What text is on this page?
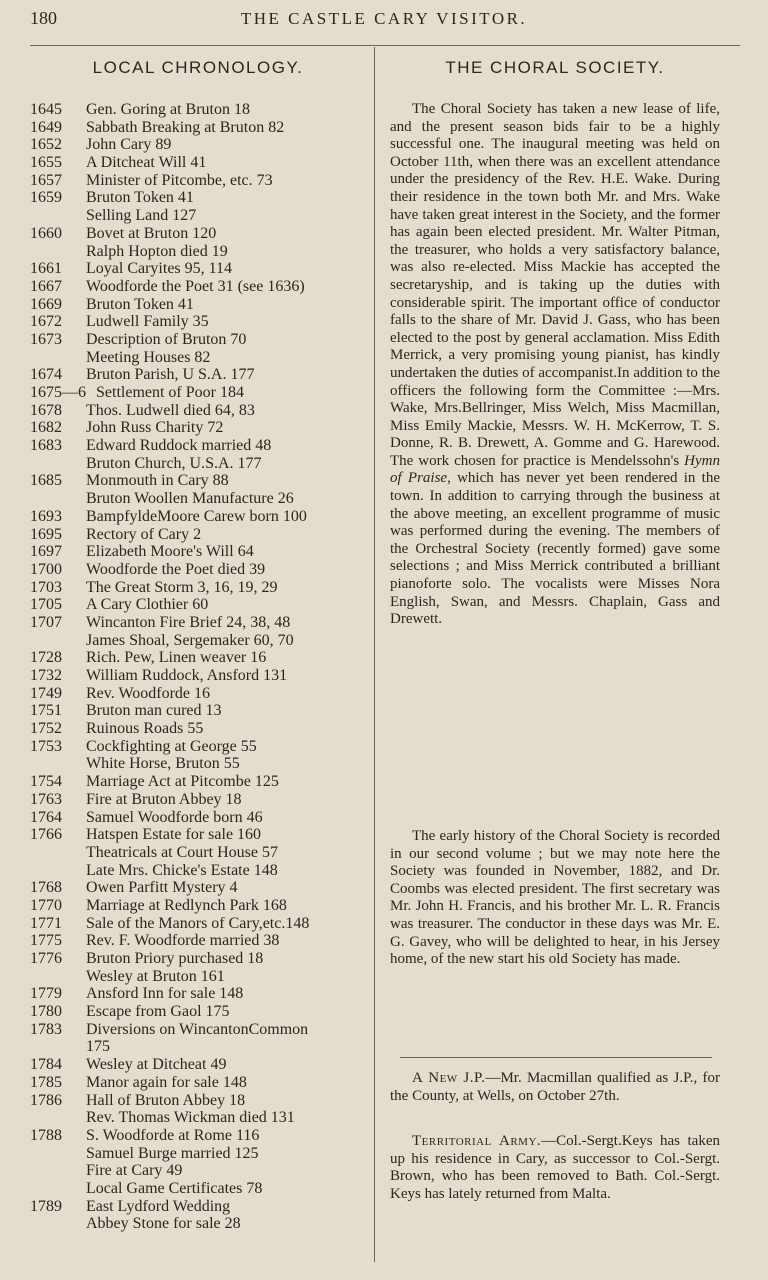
180	THE CASTLE CARY VISITOR.
LOCAL CHRONOLOGY.
1645 Gen. Goring at Bruton 18
1649 Sabbath Breaking at Bruton 82
1652 John Cary 89
1655 A Ditcheat Will 41
1657 Minister of Pitcombe, etc. 73
1659 Bruton Token 41
Selling Land 127
1660 Bovet at Bruton 120
Ralph Hopton died 19
1661 Loyal Caryites 95, 114
1667 Woodforde the Poet 31 (see 1636)
1669 Bruton Token 41
1672 Ludwell Family 35
1673 Description of Bruton 70
Meeting Houses 82
1674 Bruton Parish, U S.A. 177
1675—6 Settlement of Poor 184
1678 Thos. Ludwell died 64, 83
1682 John Russ Charity 72
1683 Edward Ruddock married 48
Bruton Church, U.S.A. 177
1685 Monmouth in Cary 88
Bruton Woollen Manufacture 26
1693 BampfyldeMoore Carew born 100
1695 Rectory of Cary 2
1697 Elizabeth Moore's Will 64
1700 Woodforde the Poet died 39
1703 The Great Storm 3, 16, 19, 29
1705 A Cary Clothier 60
1707 Wincanton Fire Brief 24, 38, 48
James Shoal, Sergemaker 60, 70
1728 Rich. Pew, Linen weaver 16
1732 William Ruddock, Ansford 131
1749 Rev. Woodforde 16
1751 Bruton man cured 13
1752 Ruinous Roads 55
1753 Cockfighting at George 55
White Horse, Bruton 55
1754 Marriage Act at Pitcombe 125
1763 Fire at Bruton Abbey 18
1764 Samuel Woodforde born 46
1766 Hatspen Estate for sale 160
Theatricals at Court House 57
Late Mrs. Chicke's Estate 148
1768 Owen Parfitt Mystery 4
1770 Marriage at Redlynch Park 168
1771 Sale of the Manors of Cary,etc.148
1775 Rev. F. Woodforde married 38
1776 Bruton Priory purchased 18
Wesley at Bruton 161
1779 Ansford Inn for sale 148
1780 Escape from Gaol 175
1783 Diversions on WincantonCommon
175
1784 Wesley at Ditcheat 49
1785 Manor again for sale 148
1786 Hall of Bruton Abbey 18
Rev. Thomas Wickman died 131
1788 S. Woodforde at Rome 116
Samuel Burge married 125
Fire at Cary 49
Local Game Certificates 78
1789 East Lydford Wedding
Abbey Stone for sale 28
THE CHORAL SOCIETY.

The Choral Society has taken a new lease of life, and the present season bids fair to be a highly successful one. The inaugural meeting was held on October 11th, when there was an excellent attendance under the presidency of the Rev. H.E. Wake. During their residence in the town both Mr. and Mrs. Wake have taken great interest in the Society, and the former has again been elected president. Mr. Walter Pitman, the treasurer, who holds a very satisfactory balance, was also re-elected. Miss Mackie has accepted the secretaryship, and is taking up the duties with considerable spirit. The important office of conductor falls to the share of Mr. David J. Gass, who has been elected to the post by general acclamation. Miss Edith Merrick, a very promising young pianist, has kindly undertaken the duties of accompanist.In addition to the officers the following form the Committee :—Mrs. Wake, Mrs.Bellringer, Miss Welch, Miss Macmillan, Miss Emily Mackie, Messrs. W. H. McKerrow, T. S. Donne, R. B. Drewett, A. Gomme and G. Harewood. The work chosen for practice is Mendelssohn's Hymn of Praise, which has never yet been rendered in the town. In addition to carrying through the business at the above meeting, an excellent programme of music was performed during the evening. The members of the Orchestral Society (recently formed) gave some selections ; and Miss Merrick contributed a brilliant pianoforte solo. The vocalists were Misses Nora English, Swan, and Messrs. Chaplain, Gass and Drewett.

The early history of the Choral Society is recorded in our second volume ; but we may note here the Society was founded in November, 1882, and Dr. Coombs was elected president. The first secretary was Mr. John H. Francis, and his brother Mr. L. R. Francis was treasurer. The conductor in these days was Mr. E. G. Gavey, who will be delighted to hear, in his Jersey home, of the new start his old Society has made.

A New J.P.—Mr. Macmillan qualified as J.P., for the County, at Wells, on October 27th.

Territorial Army.—Col.-Sergt.Keys has taken up his residence in Cary, as successor to Col.-Sergt. Brown, who has been removed to Bath. Col.-Sergt. Keys has lately returned from Malta.
